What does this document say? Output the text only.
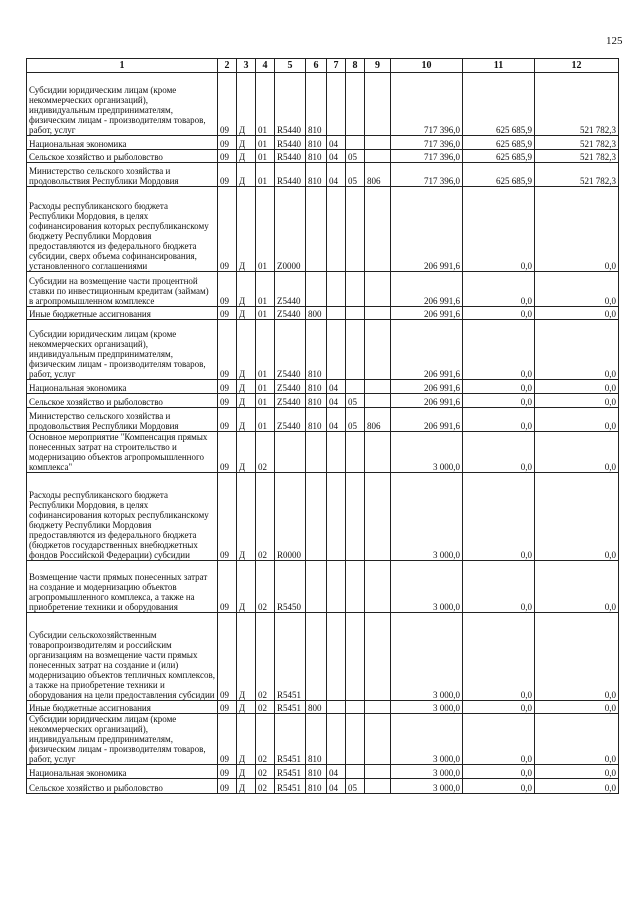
125
1	2	3	4	5	6	7	8	9	10	11	12
Субсидии юридическим лицам (кроме некоммерческих организаций), индивидуальным предпринимателям, физическим лицам - производителям товаров, работ, услуг	09	Д	01	R5440	810				717 396,0	625 685,9	521 782,3
Национальная экономика	09	Д	01	R5440	810	04			717 396,0	625 685,9	521 782,3
Сельское хозяйство и рыболовство	09	Д	01	R5440	810	04	05		717 396,0	625 685,9	521 782,3
Министерство сельского хозяйства и продовольствия Республики Мордовия	09	Д	01	R5440	810	04	05	806	717 396,0	625 685,9	521 782,3
Расходы республиканского бюджета Республики Мордовия, в целях софинансирования которых республиканскому бюджету Республики Мордовия предоставляются из федерального бюджета субсидии, сверх объема софинансирования, установленного соглашениями	09	Д	01	Z0000					206 991,6	0,0	0,0
Субсидии на возмещение части процентной ставки по инвестиционным кредитам (займам) в агропромышленном комплексе	09	Д	01	Z5440					206 991,6	0,0	0,0
Иные бюджетные ассигнования	09	Д	01	Z5440	800				206 991,6	0,0	0,0
Субсидии юридическим лицам (кроме некоммерческих организаций), индивидуальным предпринимателям, физическим лицам - производителям товаров, работ, услуг	09	Д	01	Z5440	810				206 991,6	0,0	0,0
Национальная экономика	09	Д	01	Z5440	810	04			206 991,6	0,0	0,0
Сельское хозяйство и рыболовство	09	Д	01	Z5440	810	04	05		206 991,6	0,0	0,0
Министерство сельского хозяйства и продовольствия Республики Мордовия	09	Д	01	Z5440	810	04	05	806	206 991,6	0,0	0,0
Основное мероприятие "Компенсация прямых понесенных затрат на строительство и модернизацию объектов агропромышленного комплекса"	09	Д	02						3 000,0	0,0	0,0
Расходы республиканского бюджета Республики Мордовия, в целях софинансирования которых республиканскому бюджету Республики Мордовия предоставляются из федерального бюджета (бюджетов государственных внебюджетных фондов Российской Федерации) субсидии	09	Д	02	R0000					3 000,0	0,0	0,0
Возмещение части прямых понесенных затрат на создание и модернизацию объектов агропромышленного комплекса, а также на приобретение техники и оборудования	09	Д	02	R5450					3 000,0	0,0	0,0
Субсидии сельскохозяйственным товаропроизводителям и российским организациям на возмещение части прямых понесенных затрат на создание и (или) модернизацию объектов тепличных комплексов, а также на приобретение техники и оборудования на цели предоставления субсидии	09	Д	02	R5451					3 000,0	0,0	0,0
Иные бюджетные ассигнования	09	Д	02	R5451	800				3 000,0	0,0	0,0
Субсидии юридическим лицам (кроме некоммерческих организаций), индивидуальным предпринимателям, физическим лицам - производителям товаров, работ, услуг	09	Д	02	R5451	810				3 000,0	0,0	0,0
Национальная экономика	09	Д	02	R5451	810	04			3 000,0	0,0	0,0
Сельское хозяйство и рыболовство	09	Д	02	R5451	810	04	05		3 000,0	0,0	0,0
